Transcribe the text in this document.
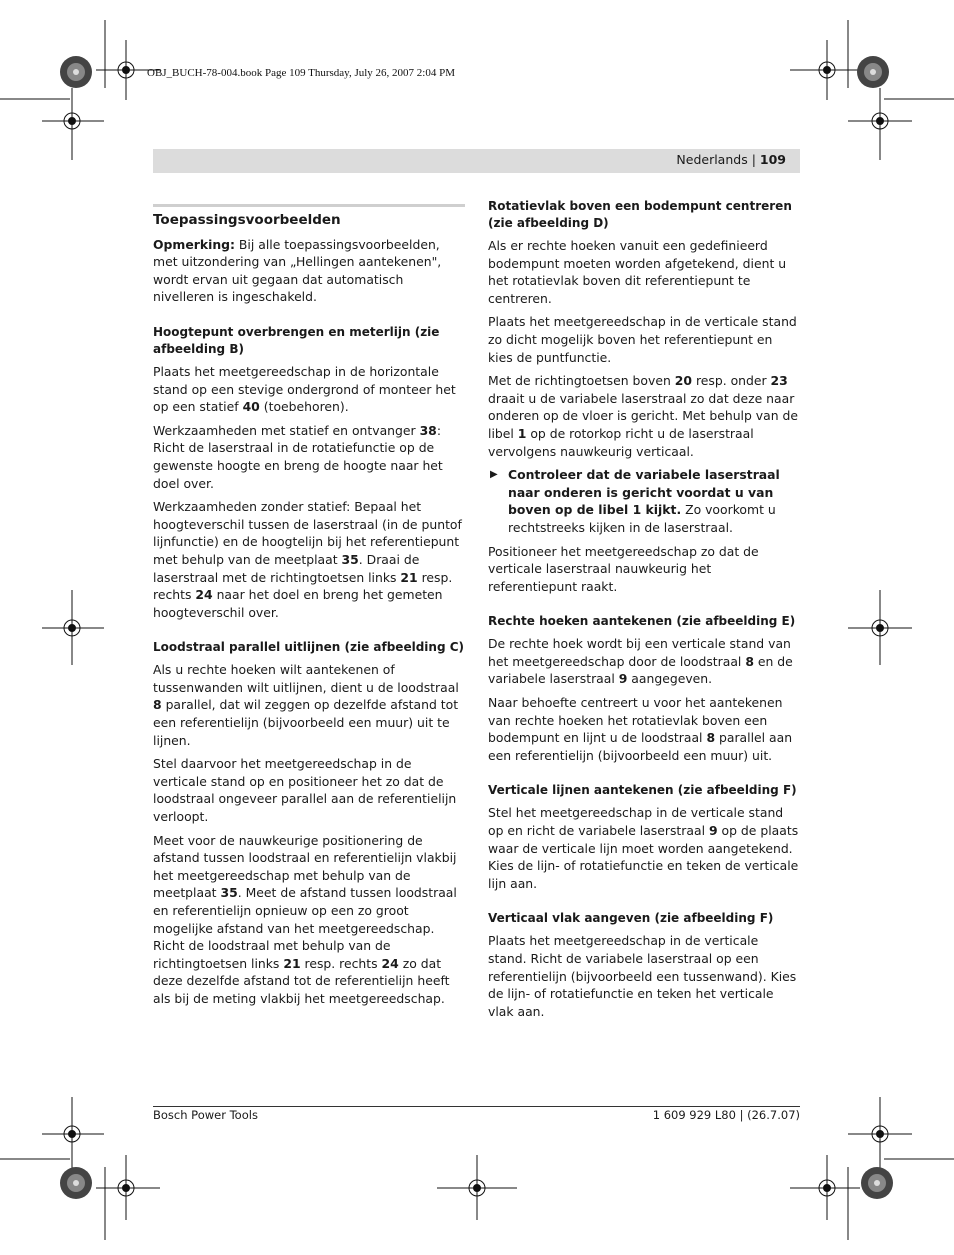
OBJ_BUCH-78-004.book Page 109 Thursday, July 26, 2007 2:04 PM
Nederlands | 109
Toepassingsvoorbeelden

Opmerking: Bij alle toepassingsvoorbeelden, met uitzondering van „Hellingen aantekenen", wordt ervan uit gegaan dat automatisch nivelleren is ingeschakeld.

Hoogtepunt overbrengen en meterlijn (zie afbeelding B)

Plaats het meetgereedschap in de horizontale stand op een stevige ondergrond of monteer het op een statief 40 (toebehoren).

Werkzaamheden met statief en ontvanger 38: Richt de laserstraal in de rotatiefunctie op de gewenste hoogte en breng de hoogte naar het doel over.

Werkzaamheden zonder statief: Bepaal het hoogteverschil tussen de laserstraal (in de puntof lijnfunctie) en de hoogtelijn bij het referentiepunt met behulp van de meetplaat 35. Draai de laserstraal met de richtingtoetsen links 21 resp. rechts 24 naar het doel en breng het gemeten hoogteverschil over.

Loodstraal parallel uitlijnen (zie afbeelding C)

Als u rechte hoeken wilt aantekenen of tussenwanden wilt uitlijnen, dient u de loodstraal 8 parallel, dat wil zeggen op dezelfde afstand tot een referentielijn (bijvoorbeeld een muur) uit te lijnen.

Stel daarvoor het meetgereedschap in de verticale stand op en positioneer het zo dat de loodstraal ongeveer parallel aan de referentielijn verloopt.

Meet voor de nauwkeurige positionering de afstand tussen loodstraal en referentielijn vlakbij het meetgereedschap met behulp van de meetplaat 35. Meet de afstand tussen loodstraal en referentielijn opnieuw op een zo groot mogelijke afstand van het meetgereedschap. Richt de loodstraal met behulp van de richtingtoetsen links 21 resp. rechts 24 zo dat deze dezelfde afstand tot de referentielijn heeft als bij de meting vlakbij het meetgereedschap.

Rotatievlak boven een bodempunt centreren (zie afbeelding D)

Als er rechte hoeken vanuit een gedefinieerd bodempunt moeten worden afgetekend, dient u het rotatievlak boven dit referentiepunt te centreren.

Plaats het meetgereedschap in de verticale stand zo dicht mogelijk boven het referentiepunt en kies de puntfunctie.

Met de richtingtoetsen boven 20 resp. onder 23 draait u de variabele laserstraal zo dat deze naar onderen op de vloer is gericht. Met behulp van de libel 1 op de rotorkop richt u de laserstraal vervolgens nauwkeurig verticaal.

▶ Controleer dat de variabele laserstraal naar onderen is gericht voordat u van boven op de libel 1 kijkt. Zo voorkomt u rechtstreeks kijken in de laserstraal.

Positioneer het meetgereedschap zo dat de verticale laserstraal nauwkeurig het referentiepunt raakt.

Rechte hoeken aantekenen (zie afbeelding E)

De rechte hoek wordt bij een verticale stand van het meetgereedschap door de loodstraal 8 en de variabele laserstraal 9 aangegeven.

Naar behoefte centreert u voor het aantekenen van rechte hoeken het rotatievlak boven een bodempunt en lijnt u de loodstraal 8 parallel aan een referentielijn (bijvoorbeeld een muur) uit.

Verticale lijnen aantekenen (zie afbeelding F)

Stel het meetgereedschap in de verticale stand op en richt de variabele laserstraal 9 op de plaats waar de verticale lijn moet worden aangetekend. Kies de lijn- of rotatiefunctie en teken de verticale lijn aan.

Verticaal vlak aangeven (zie afbeelding F)

Plaats het meetgereedschap in de verticale stand. Richt de variabele laserstraal op een referentielijn (bijvoorbeeld een tussenwand). Kies de lijn- of rotatiefunctie en teken het verticale vlak aan.

Bosch Power Tools	1 609 929 L80 | (26.7.07)
